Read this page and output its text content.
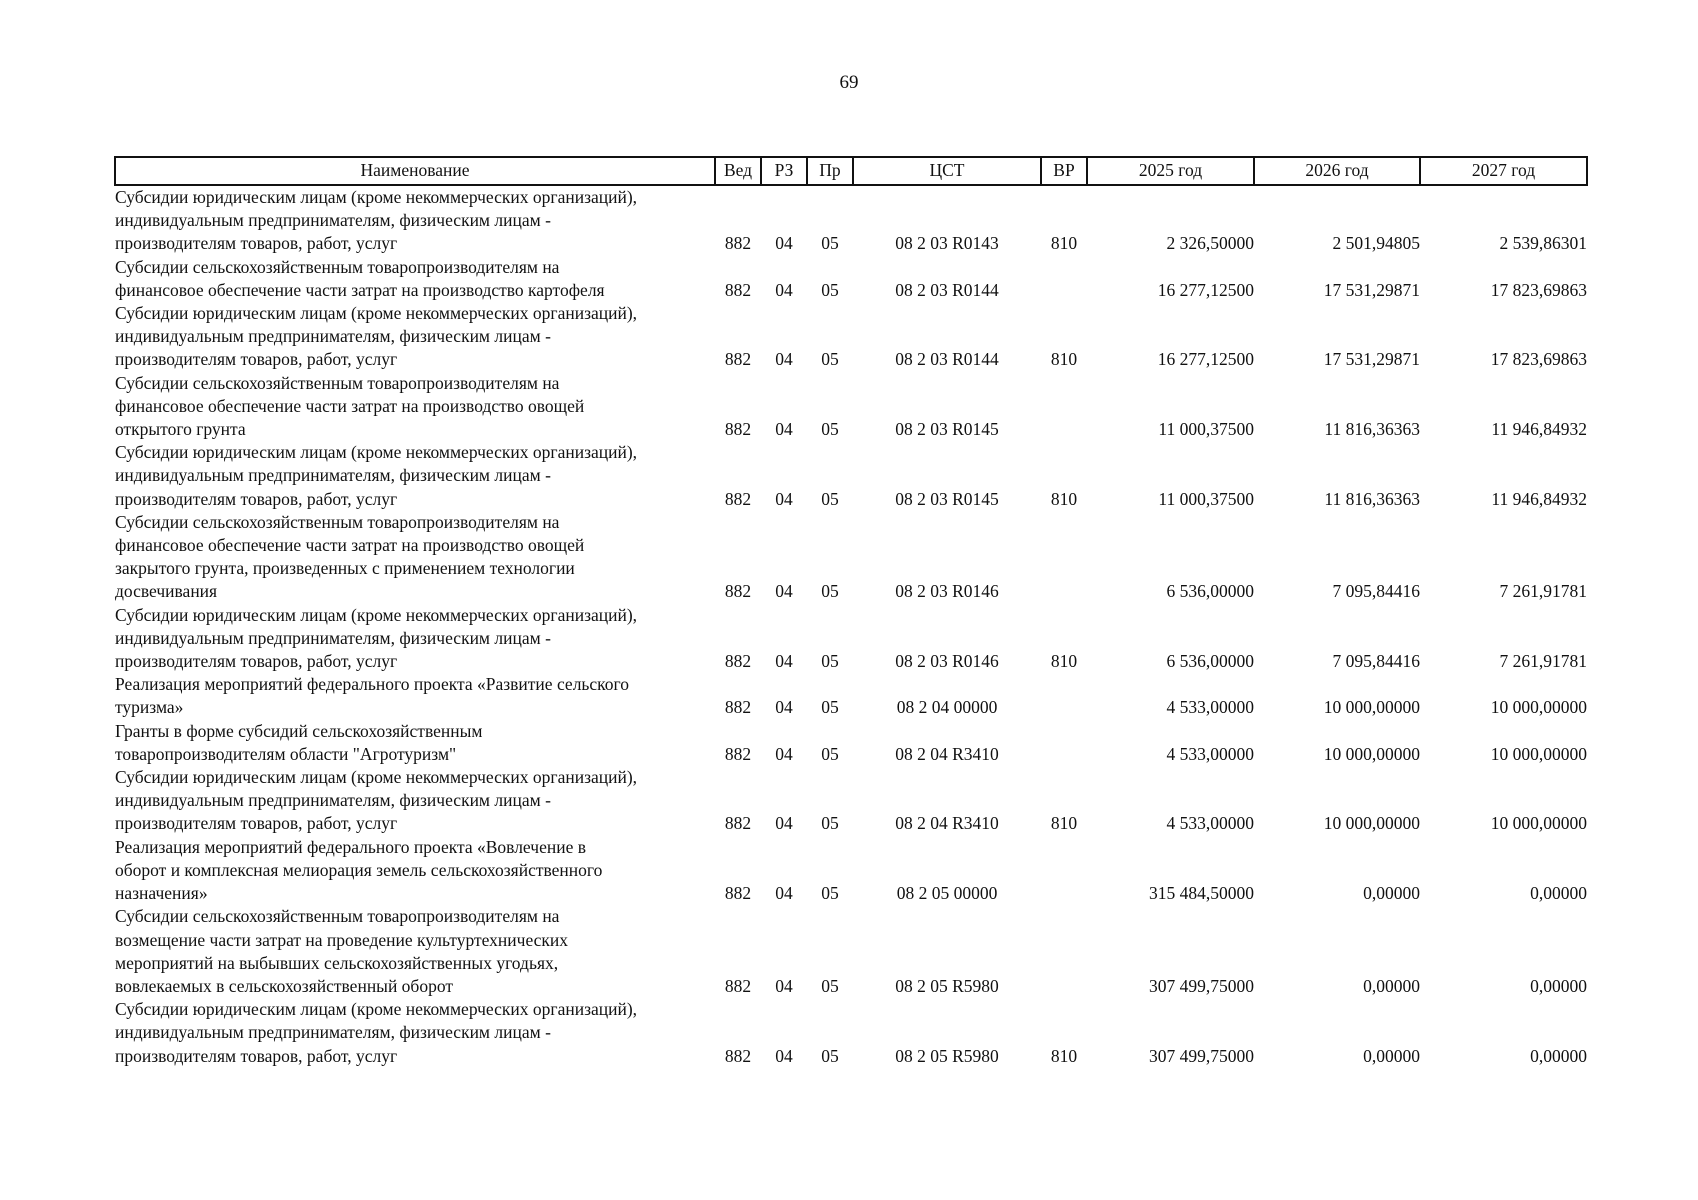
69
Наименование	Вед	РЗ	Пр	ЦСТ	ВР	2025 год	2026 год	2027 год

Субсидии юридическим лицам (кроме некоммерческих организаций),
индивидуальным предпринимателям, физическим лицам -
производителям товаров, работ, услуг	882	04	05	08 2 03 R0143	810	2 326,50000	2 501,94805	2 539,86301

Субсидии сельскохозяйственным товаропроизводителям на
финансовое обеспечение части затрат на производство картофеля	882	04	05	08 2 03 R0144		16 277,12500	17 531,29871	17 823,69863

Субсидии юридическим лицам (кроме некоммерческих организаций),
индивидуальным предпринимателям, физическим лицам -
производителям товаров, работ, услуг	882	04	05	08 2 03 R0144	810	16 277,12500	17 531,29871	17 823,69863

Субсидии сельскохозяйственным товаропроизводителям на
финансовое обеспечение части затрат на производство овощей
открытого грунта	882	04	05	08 2 03 R0145		11 000,37500	11 816,36363	11 946,84932

Субсидии юридическим лицам (кроме некоммерческих организаций),
индивидуальным предпринимателям, физическим лицам -
производителям товаров, работ, услуг	882	04	05	08 2 03 R0145	810	11 000,37500	11 816,36363	11 946,84932

Субсидии сельскохозяйственным товаропроизводителям на
финансовое обеспечение части затрат на производство овощей
закрытого грунта, произведенных с применением технологии
досвечивания	882	04	05	08 2 03 R0146		6 536,00000	7 095,84416	7 261,91781

Субсидии юридическим лицам (кроме некоммерческих организаций),
индивидуальным предпринимателям, физическим лицам -
производителям товаров, работ, услуг	882	04	05	08 2 03 R0146	810	6 536,00000	7 095,84416	7 261,91781

Реализация мероприятий федерального проекта «Развитие сельского
туризма»	882	04	05	08 2 04 00000		4 533,00000	10 000,00000	10 000,00000

Гранты в форме субсидий сельскохозяйственным
товаропроизводителям области "Агротуризм"	882	04	05	08 2 04 R3410		4 533,00000	10 000,00000	10 000,00000

Субсидии юридическим лицам (кроме некоммерческих организаций),
индивидуальным предпринимателям, физическим лицам -
производителям товаров, работ, услуг	882	04	05	08 2 04 R3410	810	4 533,00000	10 000,00000	10 000,00000

Реализация мероприятий федерального проекта «Вовлечение в
оборот и комплексная мелиорация земель сельскохозяйственного
назначения»	882	04	05	08 2 05 00000		315 484,50000	0,00000	0,00000

Субсидии сельскохозяйственным товаропроизводителям на
возмещение части затрат на проведение культуртехнических
мероприятий на выбывших сельскохозяйственных угодьях,
вовлекаемых в сельскохозяйственный оборот	882	04	05	08 2 05 R5980		307 499,75000	0,00000	0,00000

Субсидии юридическим лицам (кроме некоммерческих организаций),
индивидуальным предпринимателям, физическим лицам -
производителям товаров, работ, услуг	882	04	05	08 2 05 R5980	810	307 499,75000	0,00000	0,00000
